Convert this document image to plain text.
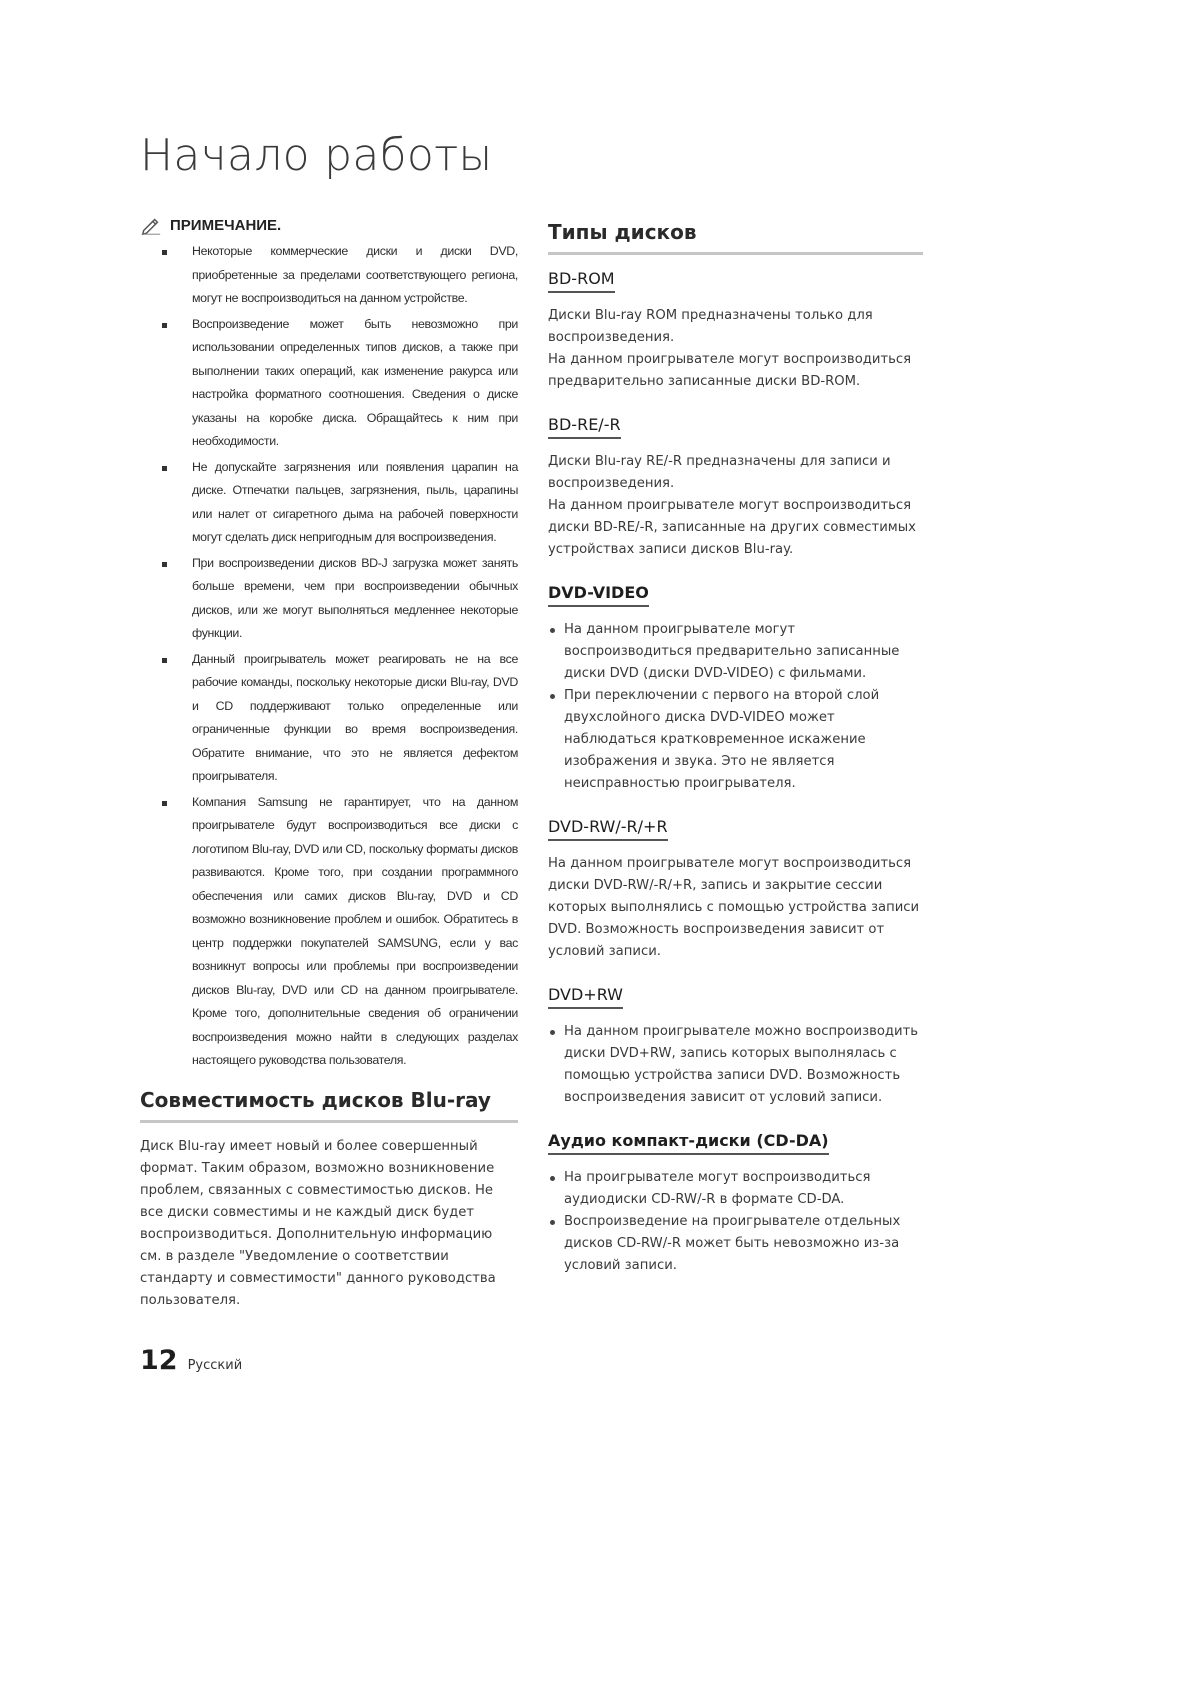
Начало работы
ПРИМЕЧАНИЕ.
Некоторые коммерческие диски и диски DVD, приобретенные за пределами соответствующего региона, могут не воспроизводиться на данном устройстве.
Воспроизведение может быть невозможно при использовании определенных типов дисков, а также при выполнении таких операций, как изменение ракурса или настройка форматного соотношения. Сведения о диске указаны на коробке диска. Обращайтесь к ним при необходимости.
Не допускайте загрязнения или появления царапин на диске. Отпечатки пальцев, загрязнения, пыль, царапины или налет от сигаретного дыма на рабочей поверхности могут сделать диск непригодным для воспроизведения.
При воспроизведении дисков BD-J загрузка может занять больше времени, чем при воспроизведении обычных дисков, или же могут выполняться медленнее некоторые функции.
Данный проигрыватель может реагировать не на все рабочие команды, поскольку некоторые диски Blu-ray, DVD и CD поддерживают только определенные или ограниченные функции во время воспроизведения. Обратите внимание, что это не является дефектом проигрывателя.
Компания Samsung не гарантирует, что на данном проигрывателе будут воспроизводиться все диски с логотипом Blu-ray, DVD или CD, поскольку форматы дисков развиваются. Кроме того, при создании программного обеспечения или самих дисков Blu-ray, DVD и CD возможно возникновение проблем и ошибок. Обратитесь в центр поддержки покупателей SAMSUNG, если у вас возникнут вопросы или проблемы при воспроизведении дисков Blu-ray, DVD или CD на данном проигрывателе. Кроме того, дополнительные сведения об ограничении воспроизведения можно найти в следующих разделах настоящего руководства пользователя.
Совместимость дисков Blu-ray

Диск Blu-ray имеет новый и более совершенный формат. Таким образом, возможно возникновение проблем, связанных с совместимостью дисков. Не все диски совместимы и не каждый диск будет воспроизводиться. Дополнительную информацию см. в разделе "Уведомление о соответствии стандарту и совместимости" данного руководства пользователя.

12 Русский
Типы дисков
BD-ROM

Диски Blu-ray ROM предназначены только для воспроизведения.

На данном проигрывателе могут воспроизводиться предварительно записанные диски BD-ROM.

BD-RE/-R

Диски Blu-ray RE/-R предназначены для записи и воспроизведения.

На данном проигрывателе могут воспроизводиться диски BD-RE/-R, записанные на других совместимых устройствах записи дисков Blu-ray.

DVD-VIDEO
На данном проигрывателе могут воспроизводиться предварительно записанные диски DVD (диски DVD-VIDEO) с фильмами.
При переключении с первого на второй слой двухслойного диска DVD-VIDEO может наблюдаться кратковременное искажение изображения и звука. Это не является неисправностью проигрывателя.
DVD-RW/-R/+R

На данном проигрывателе могут воспроизводиться диски DVD-RW/-R/+R, запись и закрытие сессии которых выполнялись с помощью устройства записи DVD. Возможность воспроизведения зависит от условий записи.

DVD+RW
На данном проигрывателе можно воспроизводить диски DVD+RW, запись которых выполнялась с помощью устройства записи DVD. Возможность воспроизведения зависит от условий записи.
Аудио компакт-диски (CD-DA)
На проигрывателе могут воспроизводиться аудиодиски CD-RW/-R в формате CD-DA.
Воспроизведение на проигрывателе отдельных дисков CD-RW/-R может быть невозможно из-за условий записи.
